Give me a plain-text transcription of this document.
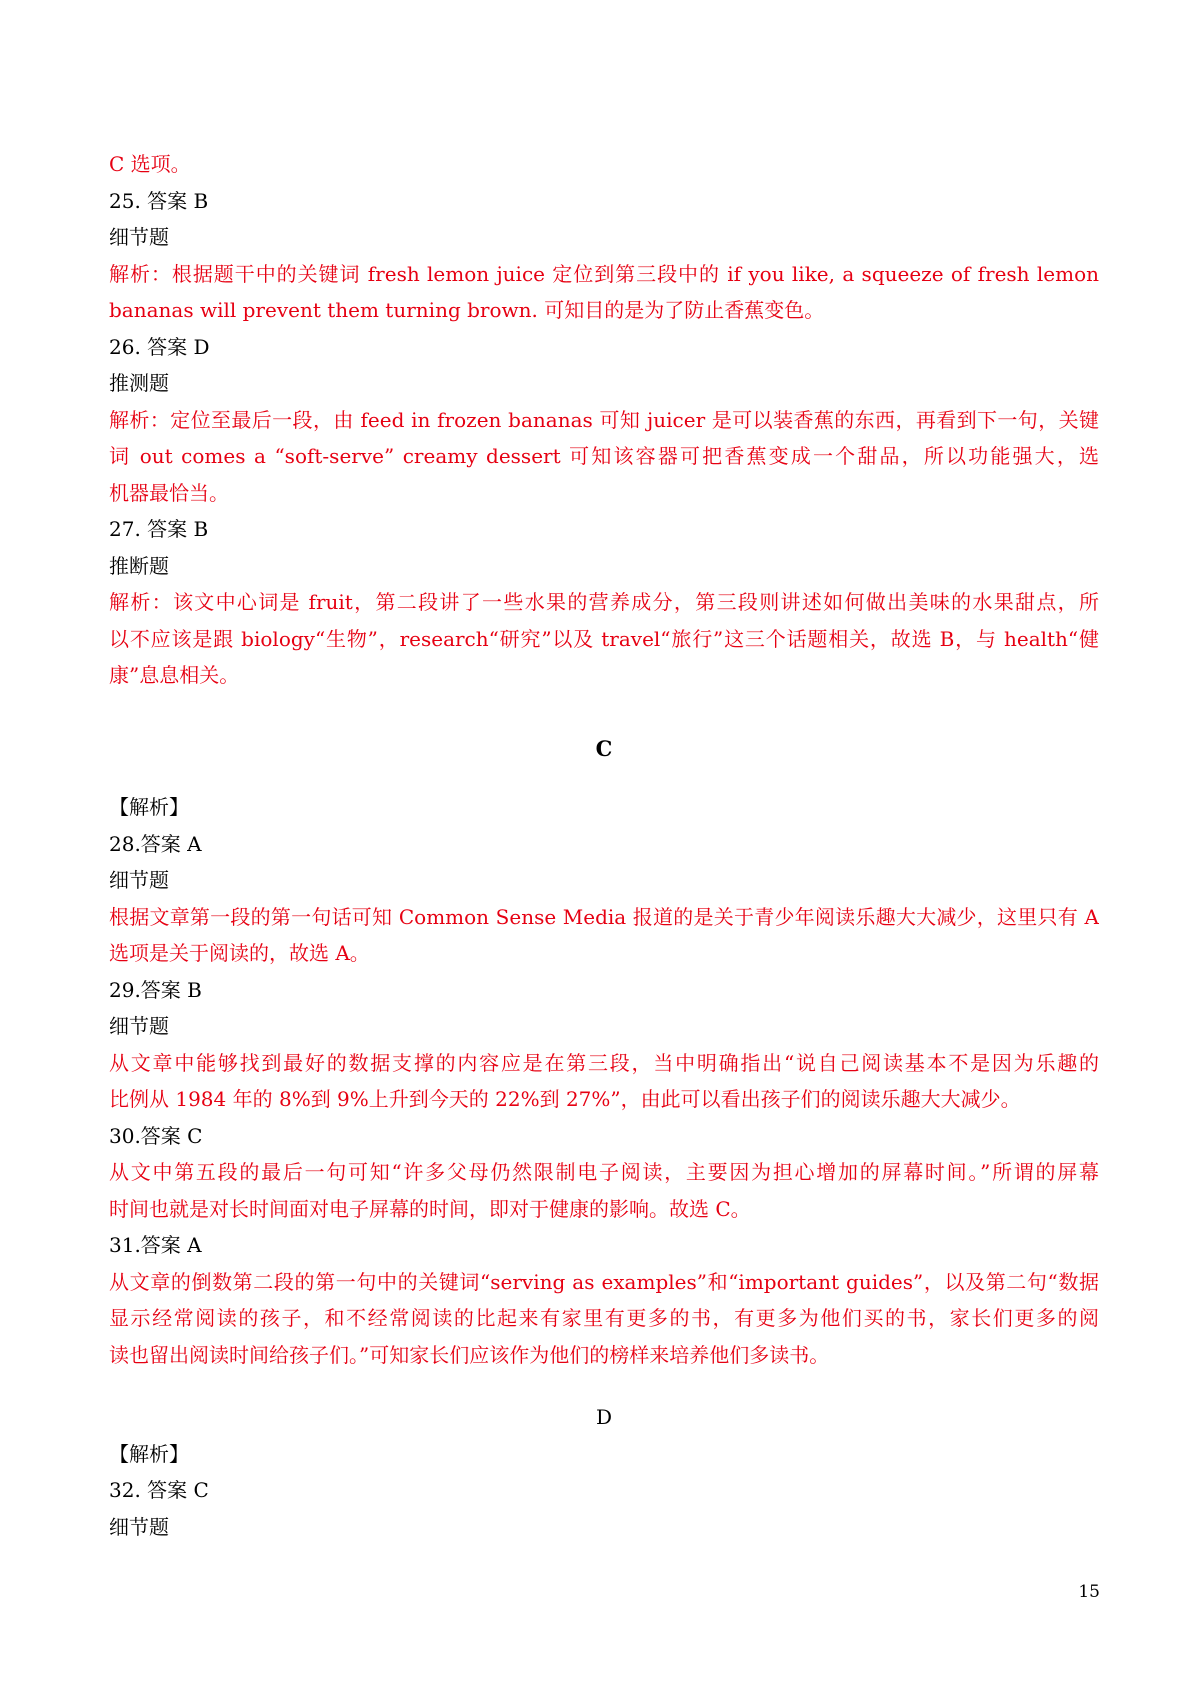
C 选项。
25. 答案 B
细节题
解析：根据题干中的关键词 fresh lemon juice 定位到第三段中的 if you like, a squeeze of fresh lemon
bananas will prevent them turning brown. 可知目的是为了防止香蕉变色。
26. 答案 D
推测题
解析：定位至最后一段，由 feed in frozen bananas 可知 juicer 是可以装香蕉的东西，再看到下一句，关键
词 out comes a “soft-serve” creamy dessert 可知该容器可把香蕉变成一个甜品，所以功能强大，选
机器最恰当。
27. 答案 B
推断题
解析：该文中心词是 fruit，第二段讲了一些水果的营养成分，第三段则讲述如何做出美味的水果甜点，所
以不应该是跟 biology“生物”，research“研究”以及 travel“旅行”这三个话题相关，故选 B，与 health“健
康”息息相关。
C
【解析】
28.答案 A
细节题
根据文章第一段的第一句话可知 Common Sense Media 报道的是关于青少年阅读乐趣大大减少，这里只有 A
选项是关于阅读的，故选 A。
29.答案 B
细节题
从文章中能够找到最好的数据支撑的内容应是在第三段，当中明确指出“说自己阅读基本不是因为乐趣的
比例从 1984 年的 8%到 9%上升到今天的 22%到 27%”，由此可以看出孩子们的阅读乐趣大大减少。
30.答案 C
从文中第五段的最后一句可知“许多父母仍然限制电子阅读，主要因为担心增加的屏幕时间。”所谓的屏幕
时间也就是对长时间面对电子屏幕的时间，即对于健康的影响。故选 C。
31.答案 A
从文章的倒数第二段的第一句中的关键词“serving as examples”和“important guides”，以及第二句“数据
显示经常阅读的孩子，和不经常阅读的比起来有家里有更多的书，有更多为他们买的书，家长们更多的阅
读也留出阅读时间给孩子们。”可知家长们应该作为他们的榜样来培养他们多读书。
D
【解析】
32. 答案 C
细节题
15
